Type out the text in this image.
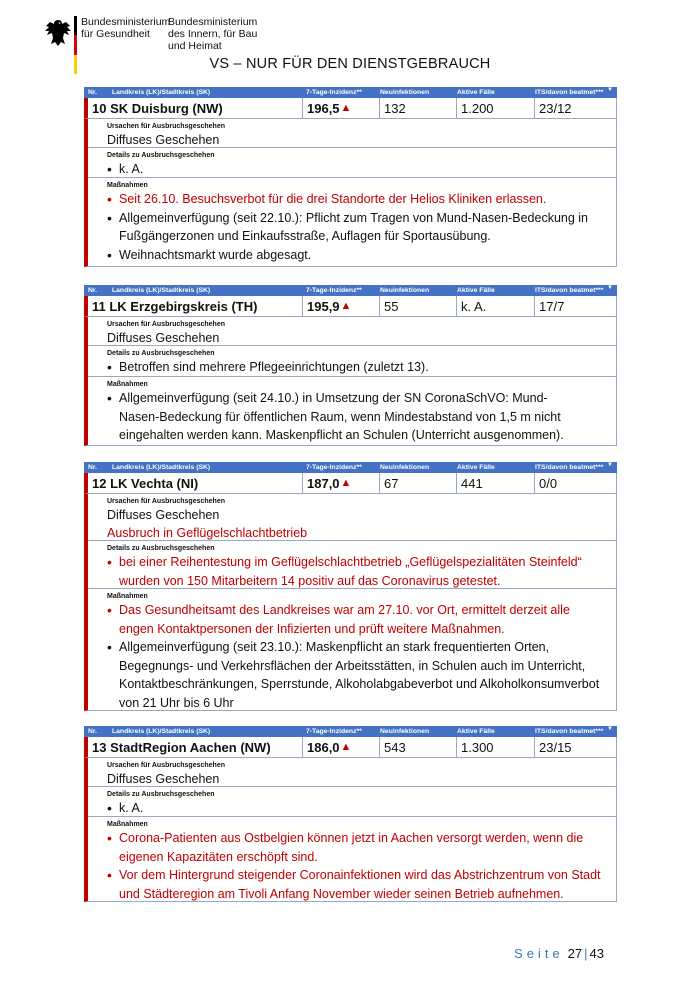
Bundesministerium
für Gesundheit
Bundesministerium
des Innern, für Bau
und Heimat
VS – NUR FÜR DEN DIENSTGEBRAUCH
Nr. Landkreis (LK)/Stadtkreis (SK)	7-Tage-Inzidenz**	Neuinfektionen	Aktive Fälle	ITS/davon beatmet*** ▼
10 SK Duisburg (NW)	196,5 ▲	132	1.200	23/12
Ursachen für Ausbruchsgeschehen
Diffuses Geschehen
Details zu Ausbruchsgeschehen
• k. A.
Maßnahmen
• Seit 26.10. Besuchsverbot für die drei Standorte der Helios Kliniken erlassen.
• Allgemeinverfügung (seit 22.10.): Pflicht zum Tragen von Mund-Nasen-Bedeckung in Fußgängerzonen und Einkaufsstraße, Auflagen für Sportausübung.
• Weihnachtsmarkt wurde abgesagt.
Nr. Landkreis (LK)/Stadtkreis (SK)	7-Tage-Inzidenz**	Neuinfektionen	Aktive Fälle	ITS/davon beatmet*** ▼
11 LK Erzgebirgskreis (TH)	195,9 ▲	55	k. A.	17/7
Ursachen für Ausbruchsgeschehen
Diffuses Geschehen
Details zu Ausbruchsgeschehen
• Betroffen sind mehrere Pflegeeinrichtungen (zuletzt 13).
Maßnahmen
• Allgemeinverfügung (seit 24.10.) in Umsetzung der SN CoronaSchVO: Mund-Nasen-Bedeckung für öffentlichen Raum, wenn Mindestabstand von 1,5 m nicht eingehalten werden kann. Maskenpflicht an Schulen (Unterricht ausgenommen).
Nr. Landkreis (LK)/Stadtkreis (SK)	7-Tage-Inzidenz**	Neuinfektionen	Aktive Fälle	ITS/davon beatmet*** ▼
12 LK Vechta (NI)	187,0 ▲	67	441	0/0
Ursachen für Ausbruchsgeschehen
Diffuses Geschehen
Ausbruch in Geflügelschlachtbetrieb
Details zu Ausbruchsgeschehen
• bei einer Reihentestung im Geflügelschlachtbetrieb „Geflügelspezialitäten Steinfeld“ wurden von 150 Mitarbeitern 14 positiv auf das Coronavirus getestet.
Maßnahmen
• Das Gesundheitsamt des Landkreises war am 27.10. vor Ort, ermittelt derzeit alle engen Kontaktpersonen der Infizierten und prüft weitere Maßnahmen.
• Allgemeinverfügung (seit 23.10.): Maskenpflicht an stark frequentierten Orten, Begegnungs- und Verkehrsflächen der Arbeitsstätten, in Schulen auch im Unterricht, Kontaktbeschränkungen, Sperrstunde, Alkoholabgabeverbot und Alkoholkonsumverbot von 21 Uhr bis 6 Uhr
Nr. Landkreis (LK)/Stadtkreis (SK)	7-Tage-Inzidenz**	Neuinfektionen	Aktive Fälle	ITS/davon beatmet*** ▼
13 StadtRegion Aachen (NW)	186,0 ▲	543	1.300	23/15
Ursachen für Ausbruchsgeschehen
Diffuses Geschehen
Details zu Ausbruchsgeschehen
• k. A.
Maßnahmen
• Corona-Patienten aus Ostbelgien können jetzt in Aachen versorgt werden, wenn die eigenen Kapazitäten erschöpft sind.
• Vor dem Hintergrund steigender Coronainfektionen wird das Abstrichzentrum von Stadt und Städteregion am Tivoli Anfang November wieder seinen Betrieb aufnehmen.
Seite 27 | 43
